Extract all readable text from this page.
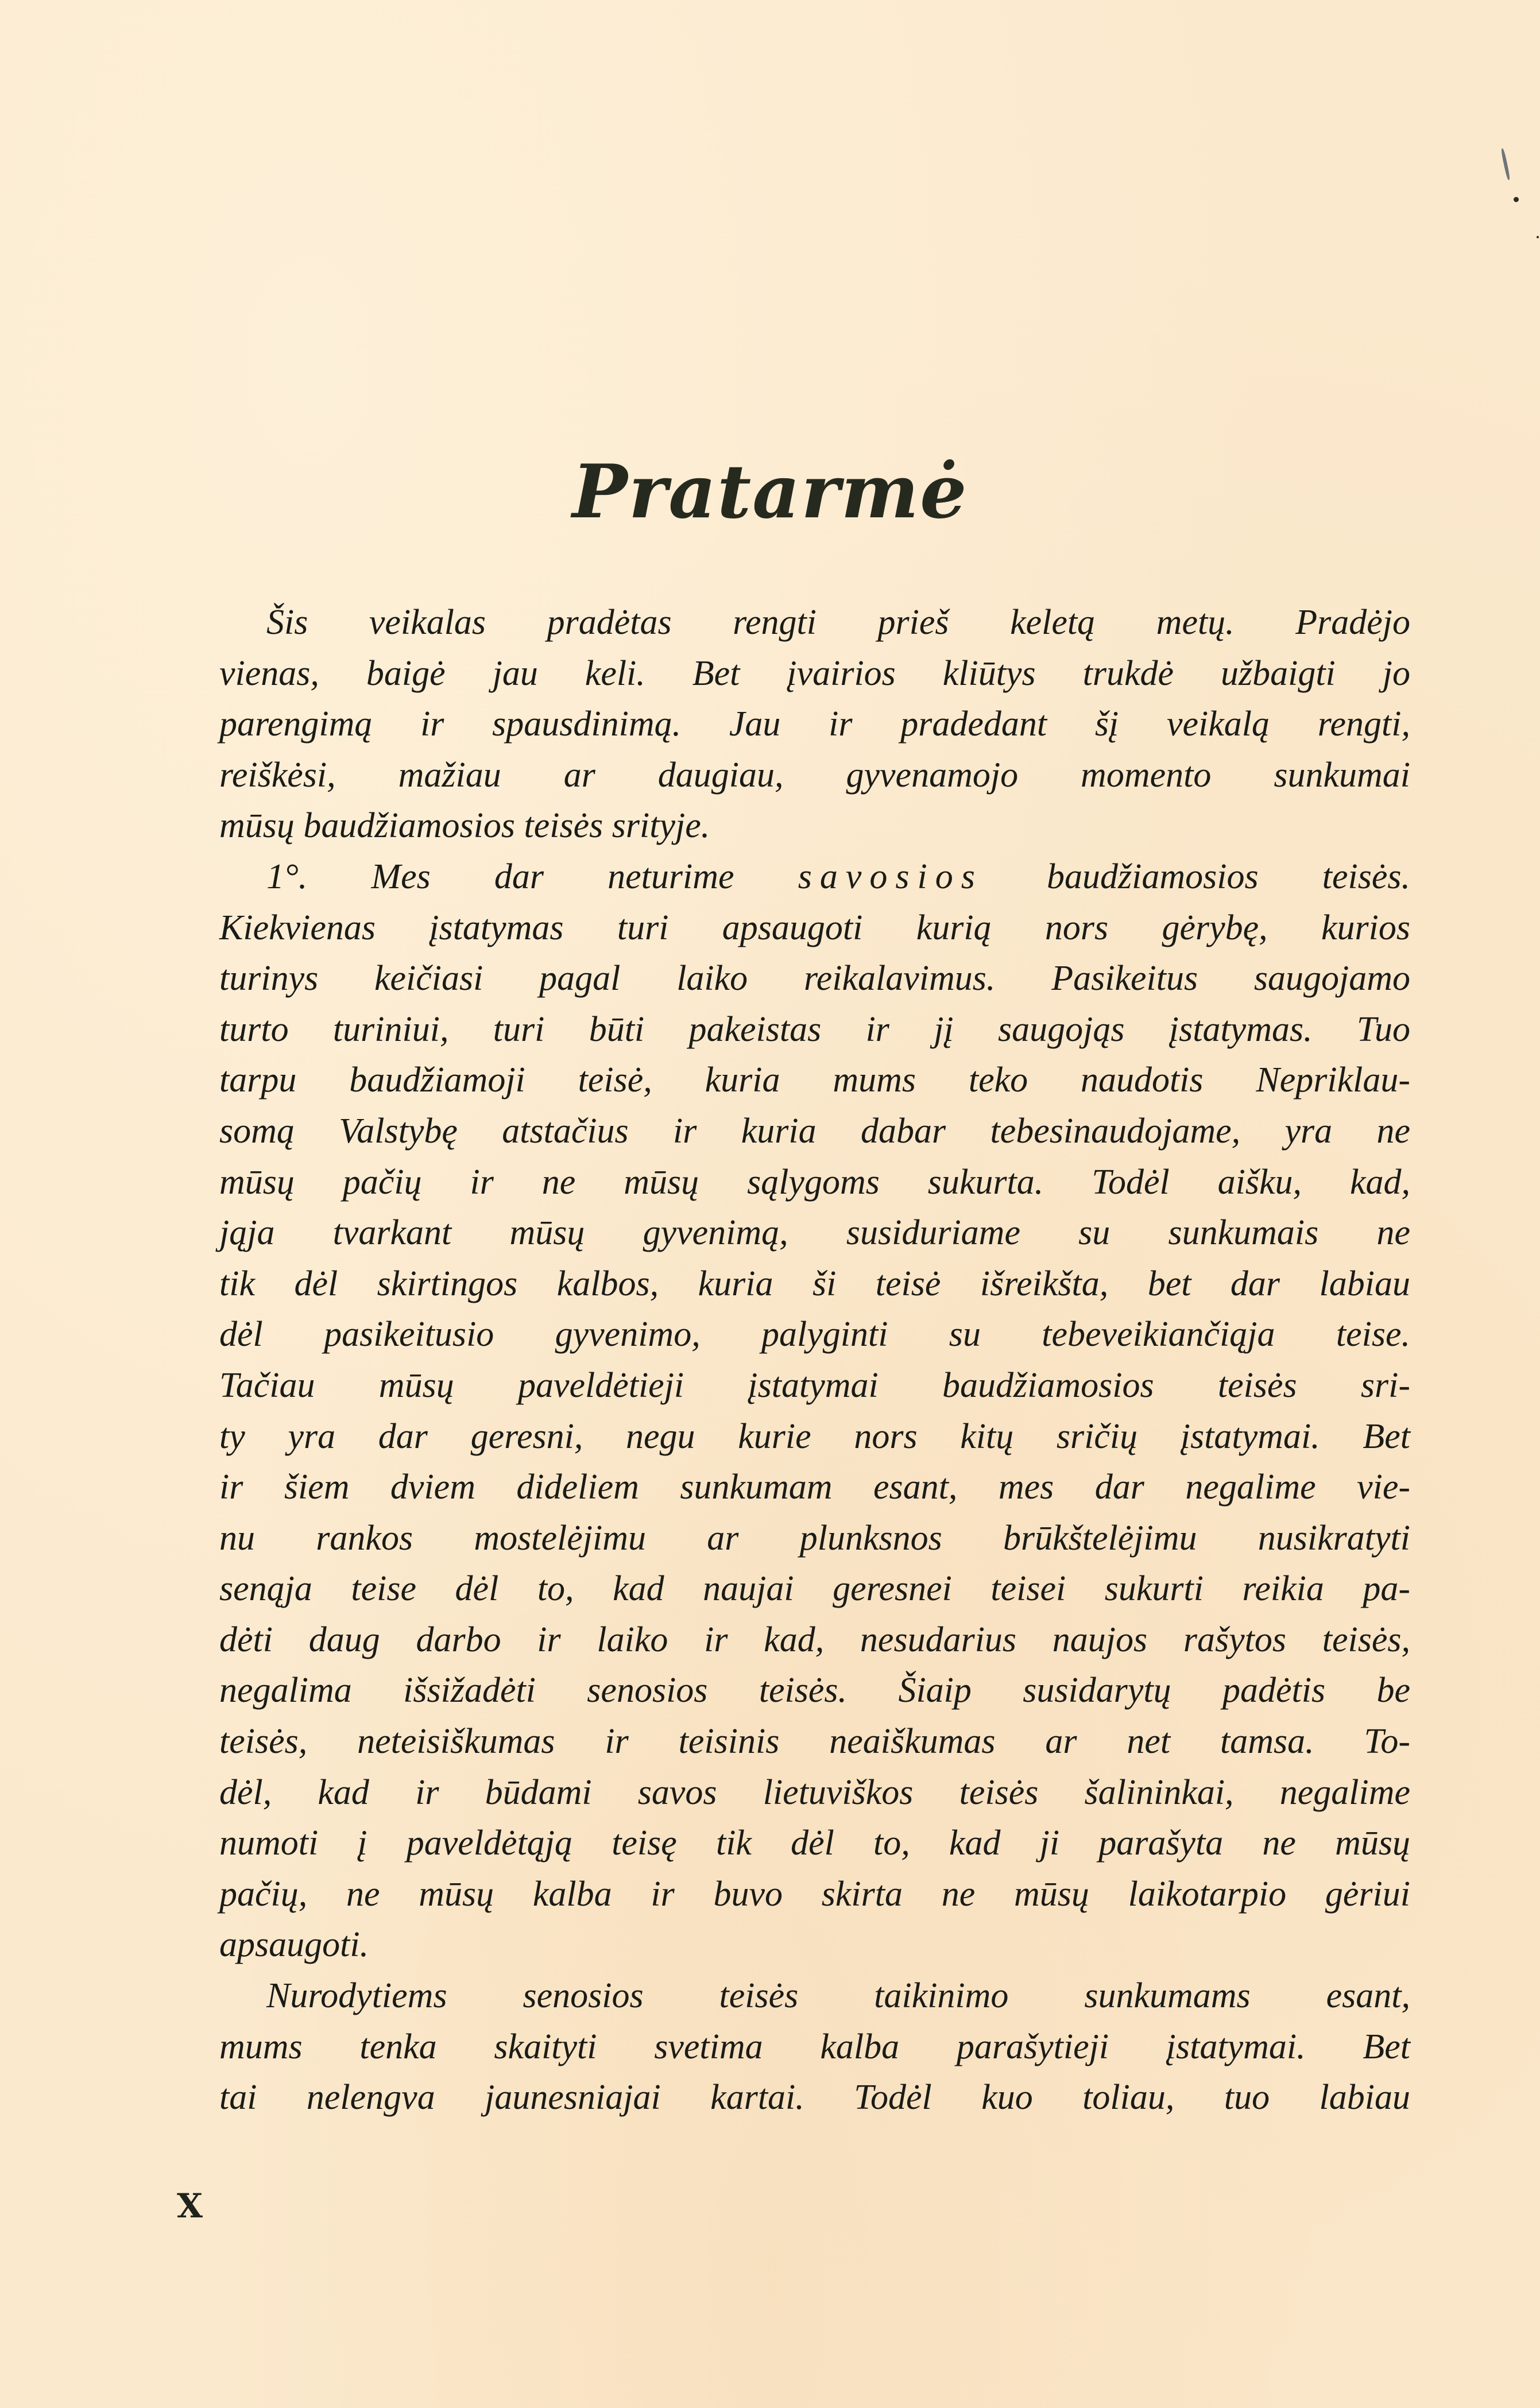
Pratarmė

Šis veikalas pradėtas rengti prieš keletą metų. Pradėjo
vienas, baigė jau keli. Bet įvairios kliūtys trukdė užbaigti jo
parengimą ir spausdinimą. Jau ir pradedant šį veikalą rengti,
reiškėsi, mažiau ar daugiau, gyvenamojo momento sunkumai
mūsų baudžiamosios teisės srityje.

1°. Mes dar neturime savosios baudžiamosios teisės.
Kiekvienas įstatymas turi apsaugoti kurią nors gėrybę, kurios
turinys keičiasi pagal laiko reikalavimus. Pasikeitus saugojamo
turto turiniui, turi būti pakeistas ir jį saugojąs įstatymas. Tuo
tarpu baudžiamoji teisė, kuria mums teko naudotis Nepriklau-
somą Valstybę atstačius ir kuria dabar tebesinaudojame, yra ne
mūsų pačių ir ne mūsų sąlygoms sukurta. Todėl aišku, kad,
jąja tvarkant mūsų gyvenimą, susiduriame su sunkumais ne
tik dėl skirtingos kalbos, kuria ši teisė išreikšta, bet dar labiau
dėl pasikeitusio gyvenimo, palyginti su tebeveikiančiąja teise.
Tačiau mūsų paveldėtieji įstatymai baudžiamosios teisės sri-
ty yra dar geresni, negu kurie nors kitų sričių įstatymai. Bet
ir šiem dviem dideliem sunkumam esant, mes dar negalime vie-
nu rankos mostelėjimu ar plunksnos brūkštelėjimu nusikratyti
senąja teise dėl to, kad naujai geresnei teisei sukurti reikia pa-
dėti daug darbo ir laiko ir kad, nesudarius naujos rašytos teisės,
negalima išsižadėti senosios teisės. Šiaip susidarytų padėtis be
teisės, neteisiškumas ir teisinis neaiškumas ar net tamsa. To-
dėl, kad ir būdami savos lietuviškos teisės šalininkai, negalime
numoti į paveldėtąją teisę tik dėl to, kad ji parašyta ne mūsų
pačių, ne mūsų kalba ir buvo skirta ne mūsų laikotarpio gėriui
apsaugoti.

Nurodytiems senosios teisės taikinimo sunkumams esant,
mums tenka skaityti svetima kalba parašytieji įstatymai. Bet
tai nelengva jaunesniajai kartai. Todėl kuo toliau, tuo labiau

X
